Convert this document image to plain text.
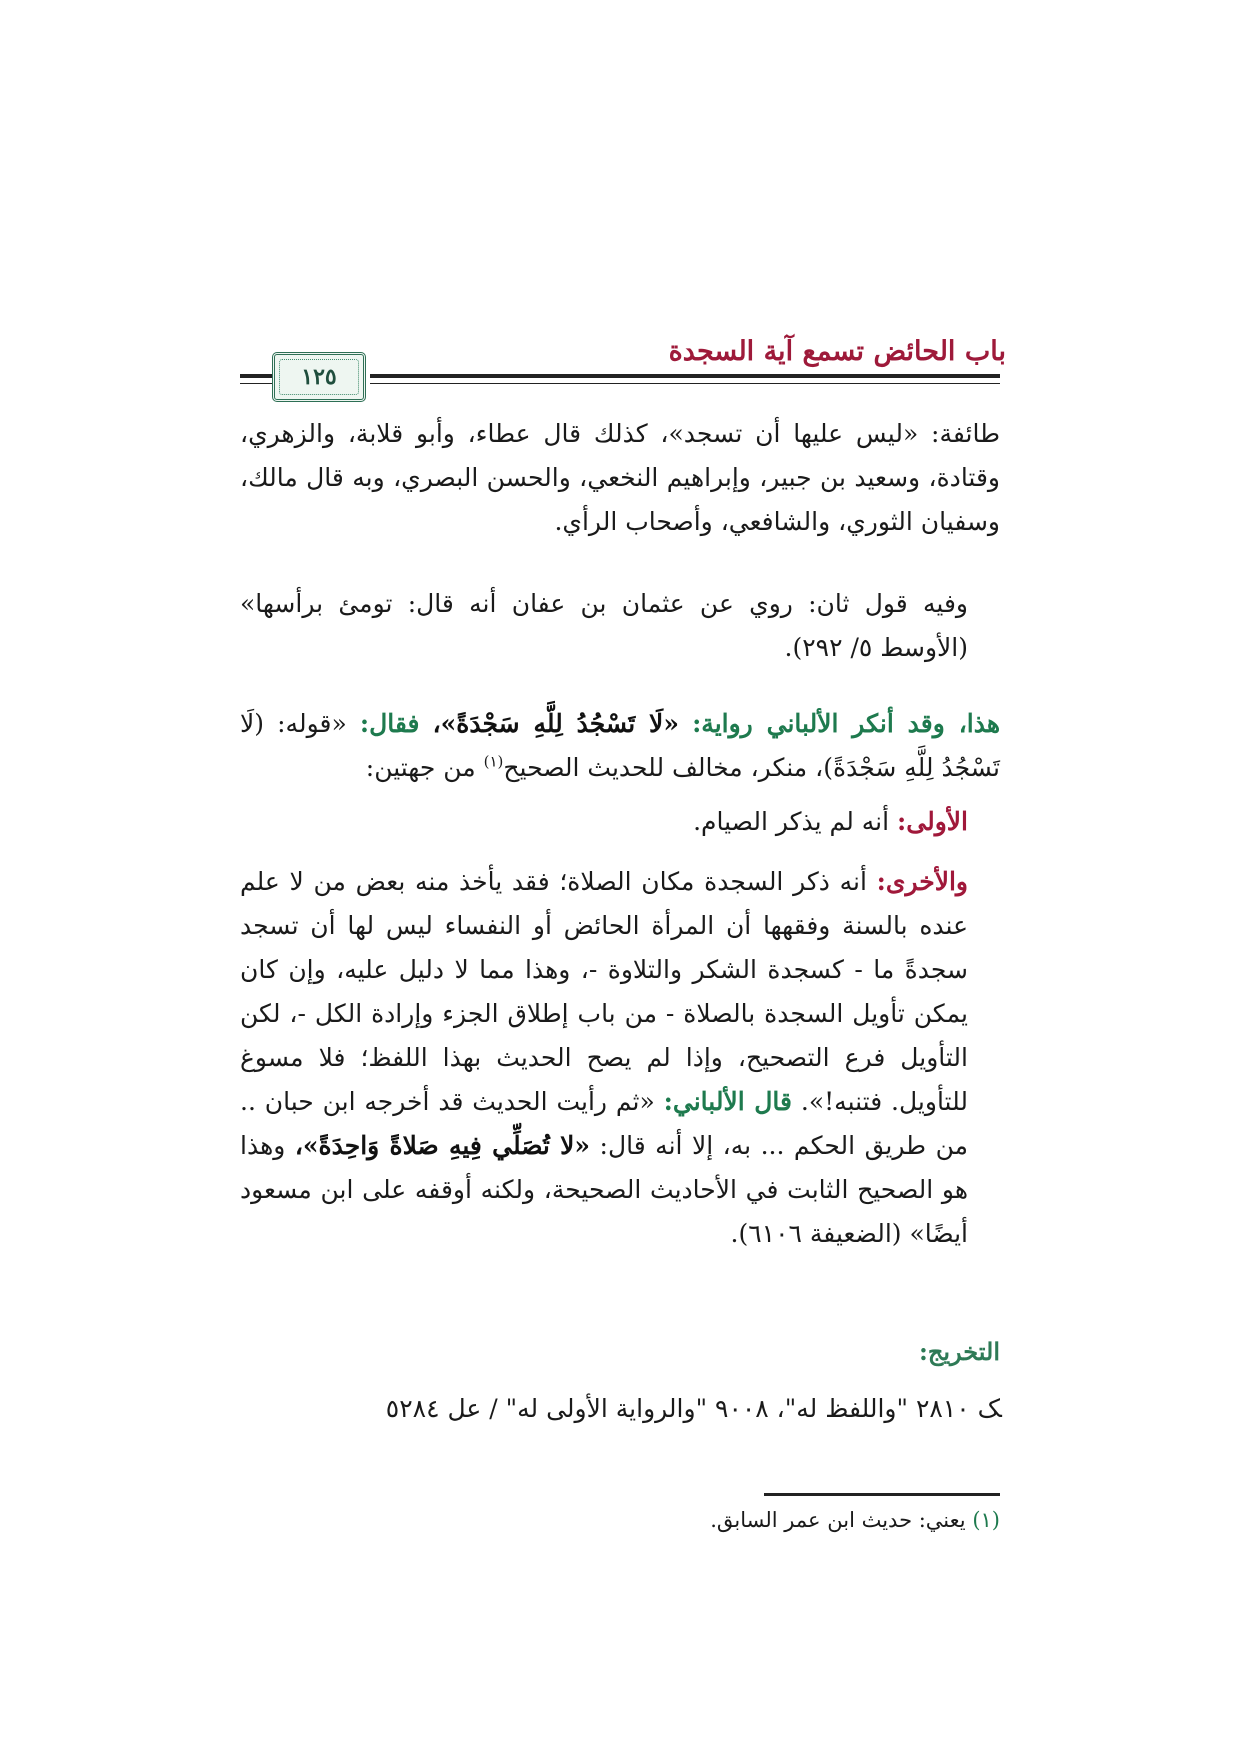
باب الحائض تسمع آية السجدة
١٢٥

طائفة: «ليس عليها أن تسجد»، كذلك قال عطاء، وأبو قلابة، والزهري، وقتادة، وسعيد بن جبير، وإبراهيم النخعي، والحسن البصري، وبه قال مالك، وسفيان الثوري، والشافعي، وأصحاب الرأي.

وفيه قول ثان: روي عن عثمان بن عفان أنه قال: تومئ برأسها» (الأوسط ٥/ ٢٩٢).

هذا، وقد أنكر الألباني رواية: «لَا تَسْجُدُ لِلَّهِ سَجْدَةً»، فقال: «قوله: (لَا تَسْجُدُ لِلَّهِ سَجْدَةً)، منكر، مخالف للحديث الصحيح$^{(١)}$ من جهتين:

الأولى: أنه لم يذكر الصيام.

والأخرى: أنه ذكر السجدة مكان الصلاة؛ فقد يأخذ منه بعض من لا علم عنده بالسنة وفقهها أن المرأة الحائض أو النفساء ليس لها أن تسجد سجدةً ما - كسجدة الشكر والتلاوة -، وهذا مما لا دليل عليه، وإن كان يمكن تأويل السجدة بالصلاة - من باب إطلاق الجزء وإرادة الكل -، لكن التأويل فرع التصحيح، وإذا لم يصح الحديث بهذا اللفظ؛ فلا مسوغ للتأويل. فتنبه!». قال الألباني: «ثم رأيت الحديث قد أخرجه ابن حبان .. من طريق الحكم ... به، إلا أنه قال: «لا تُصَلِّي فِيهِ صَلاةً وَاحِدَةً»، وهذا هو الصحيح الثابت في الأحاديث الصحيحة، ولكنه أوقفه على ابن مسعود أيضًا» (الضعيفة ٦١٠٦).

التخريج:

ﮏ ٢٨١٠ "واللفظ له"، ٩٠٠٨ "والرواية الأولى له" / عل ٥٢٨٤

(١) يعني: حديث ابن عمر السابق.
